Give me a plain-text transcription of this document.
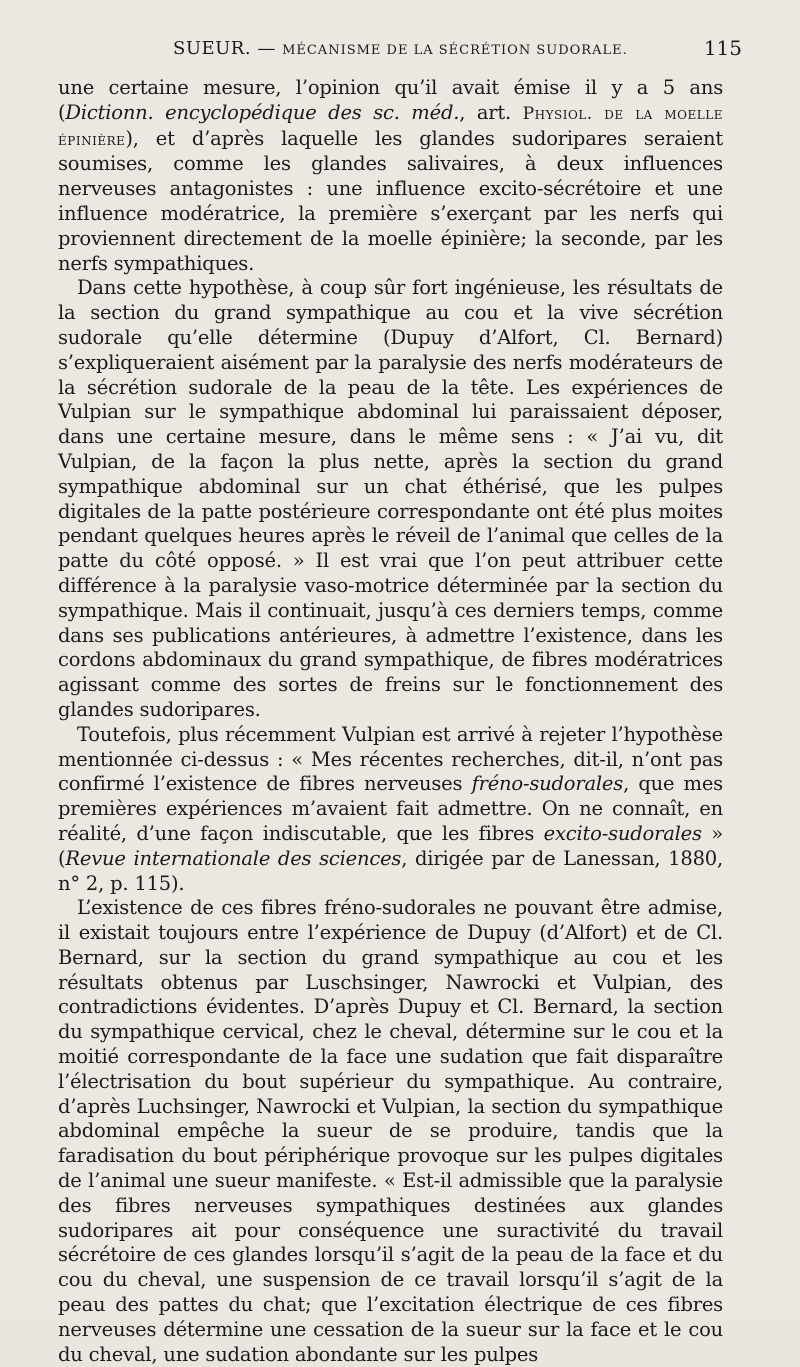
SUEUR. — MÉCANISME DE LA SÉCRÉTION SUDORALE.	115

une certaine mesure, l’opinion qu’il avait émise il y a 5 ans (Dictionn. encyclopédique des sc. méd., art. Physiol. de la moelle épinière), et d’après laquelle les glandes sudoripares seraient soumises, comme les glandes salivaires, à deux influences nerveuses antagonistes : une influence excito-sécrétoire et une influence modératrice, la première s’exerçant par les nerfs qui proviennent directement de la moelle épinière; la seconde, par les nerfs sympathiques.

Dans cette hypothèse, à coup sûr fort ingénieuse, les résultats de la section du grand sympathique au cou et la vive sécrétion sudorale qu’elle détermine (Dupuy d’Alfort, Cl. Bernard) s’expliqueraient aisément par la paralysie des nerfs modérateurs de la sécrétion sudorale de la peau de la tête. Les expériences de Vulpian sur le sympathique abdominal lui paraissaient déposer, dans une certaine mesure, dans le même sens : « J’ai vu, dit Vulpian, de la façon la plus nette, après la section du grand sympathique abdominal sur un chat éthérisé, que les pulpes digitales de la patte postérieure correspondante ont été plus moites pendant quelques heures après le réveil de l’animal que celles de la patte du côté opposé. » Il est vrai que l’on peut attribuer cette différence à la paralysie vaso-motrice déterminée par la section du sympathique. Mais il continuait, jusqu’à ces derniers temps, comme dans ses publications antérieures, à admettre l’existence, dans les cordons abdominaux du grand sympathique, de fibres modératrices agissant comme des sortes de freins sur le fonctionnement des glandes sudoripares.

Toutefois, plus récemment Vulpian est arrivé à rejeter l’hypothèse mentionnée ci-dessus : « Mes récentes recherches, dit-il, n’ont pas confirmé l’existence de fibres nerveuses fréno-sudorales, que mes premières expériences m’avaient fait admettre. On ne connaît, en réalité, d’une façon indiscutable, que les fibres excito-sudorales » (Revue internationale des sciences, dirigée par de Lanessan, 1880, n° 2, p. 115).

L’existence de ces fibres fréno-sudorales ne pouvant être admise, il existait toujours entre l’expérience de Dupuy (d’Alfort) et de Cl. Bernard, sur la section du grand sympathique au cou et les résultats obtenus par Luschsinger, Nawrocki et Vulpian, des contradictions évidentes. D’après Dupuy et Cl. Bernard, la section du sympathique cervical, chez le cheval, détermine sur le cou et la moitié correspondante de la face une sudation que fait disparaître l’électrisation du bout supérieur du sympathique. Au contraire, d’après Luchsinger, Nawrocki et Vulpian, la section du sympathique abdominal empêche la sueur de se produire, tandis que la faradisation du bout périphérique provoque sur les pulpes digitales de l’animal une sueur manifeste. « Est-il admissible que la paralysie des fibres nerveuses sympathiques destinées aux glandes sudoripares ait pour conséquence une suractivité du travail sécrétoire de ces glandes lorsqu’il s’agit de la peau de la face et du cou du cheval, une suspension de ce travail lorsqu’il s’agit de la peau des pattes du chat; que l’excitation électrique de ces fibres nerveuses détermine une cessation de la sueur sur la face et le cou du cheval, une sudation abondante sur les pulpes
